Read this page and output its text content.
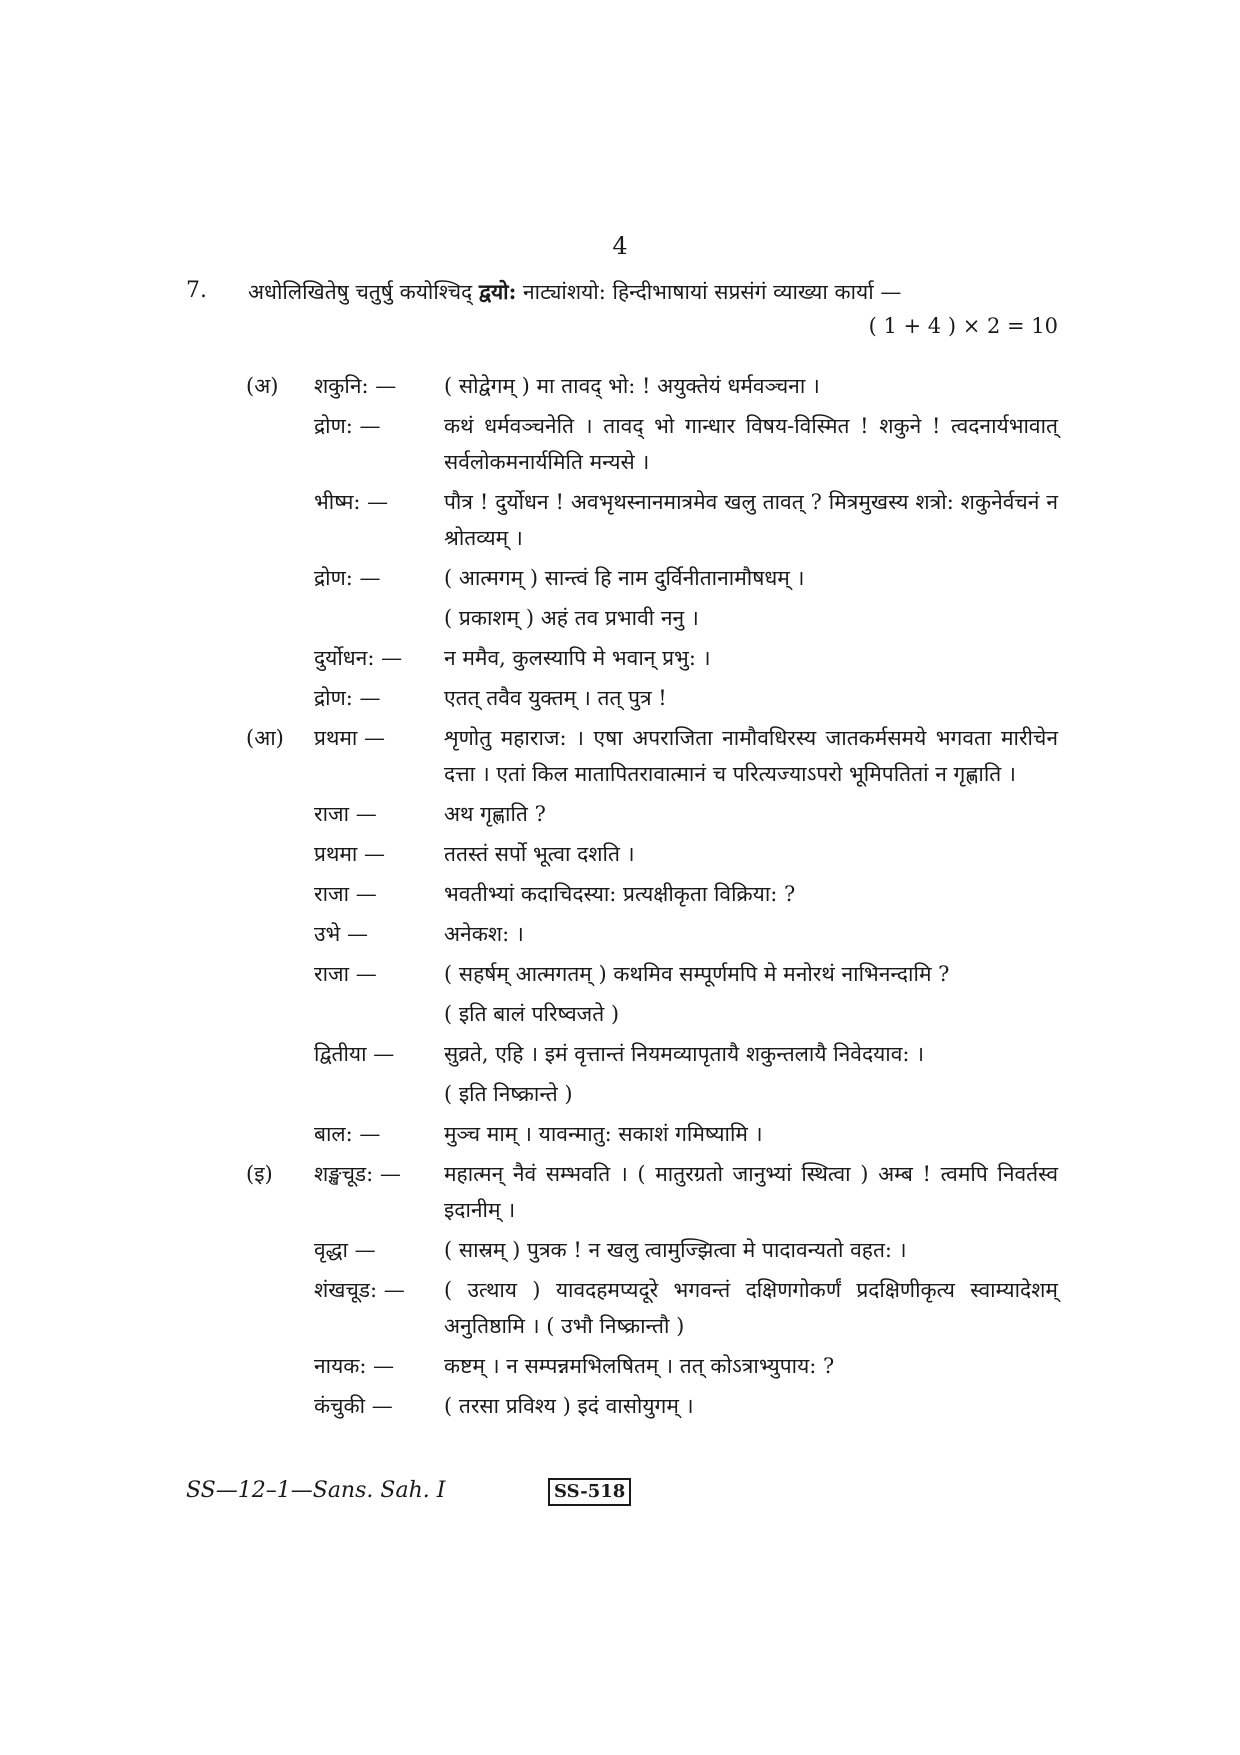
4
7. अधोलिखितेषु चतुर्षु कयोश्चिद् द्वयो: नाट्यांशयो: हिन्दीभाषायां सप्रसंगं व्याख्या कार्या —
( 1 + 4 ) × 2 = 10
(अ) शकुनि: — ( सोद्वेगम् ) मा तावद् भो: ! अयुक्तेयं धर्मवञ्चना ।
द्रोण: —	कथं धर्मवञ्चनेति । तावद् भो गान्धार विषय-विस्मित ! शकुने ! त्वदनार्यभावात् सर्वलोकमनार्यमिति मन्यसे ।
भीष्म: —	पौत्र ! दुर्योधन ! अवभृथस्नानमात्रमेव खलु तावत् ? मित्रमुखस्य शत्रो: शकुनेर्वचनं न श्रोतव्यम् ।
द्रोण: —	( आत्मगम् ) सान्त्वं हि नाम दुर्विनीतानामौषधम् ।
( प्रकाशम् ) अहं तव प्रभावी ननु ।
दुर्योधन: — न ममैव, कुलस्यापि मे भवान् प्रभु: ।
द्रोण: —	एतत् तवैव युक्तम् । तत् पुत्र !
(आ) प्रथमा —	शृणोतु महाराज: । एषा अपराजिता नामौवधिरस्य जातकर्मसमये भगवता मारीचेन दत्ता । एतां किल मातापितरावात्मानं च परित्यज्याऽपरो भूमिपतितां न गृह्णाति ।
राजा —	अथ गृह्णाति ?
प्रथमा —	ततस्तं सर्पो भूत्वा दशति ।
राजा —	भवतीभ्यां कदाचिदस्या: प्रत्यक्षीकृता विक्रिया: ?
उभे —	अनेकश: ।
राजा —	( सहर्षम् आत्मगतम् ) कथमिव सम्पूर्णमपि मे मनोरथं नाभिनन्दामि ?
( इति बालं परिष्वजते )
द्वितीया — सुव्रते, एहि । इमं वृत्तान्तं नियमव्यापृतायै शकुन्तलायै निवेदयाव: ।
( इति निष्क्रान्ते )
बाल: —	मुञ्च माम् । यावन्मातु: सकाशं गमिष्यामि ।
(इ) शङ्खचूड: — महात्मन् नैवं सम्भवति । ( मातुरग्रतो जानुभ्यां स्थित्वा ) अम्ब ! त्वमपि निवर्तस्व इदानीम् ।
वृद्धा —	( सास्रम् ) पुत्रक ! न खलु त्वामुज्झित्वा मे पादावन्यतो वहत: ।
शंखचूड: — ( उत्थाय ) यावदहमप्यदूरे भगवन्तं दक्षिणगोकर्णं प्रदक्षिणीकृत्य स्वाम्यादेशम् अनुतिष्ठामि । ( उभौ निष्क्रान्तौ )
नायक: — कष्टम् । न सम्पन्नमभिलषितम् । तत् कोऽत्राभ्युपाय: ?
कंचुकी — ( तरसा प्रविश्य ) इदं वासोयुगम् ।
SS—12–1—Sans. Sah. I	SS-518
